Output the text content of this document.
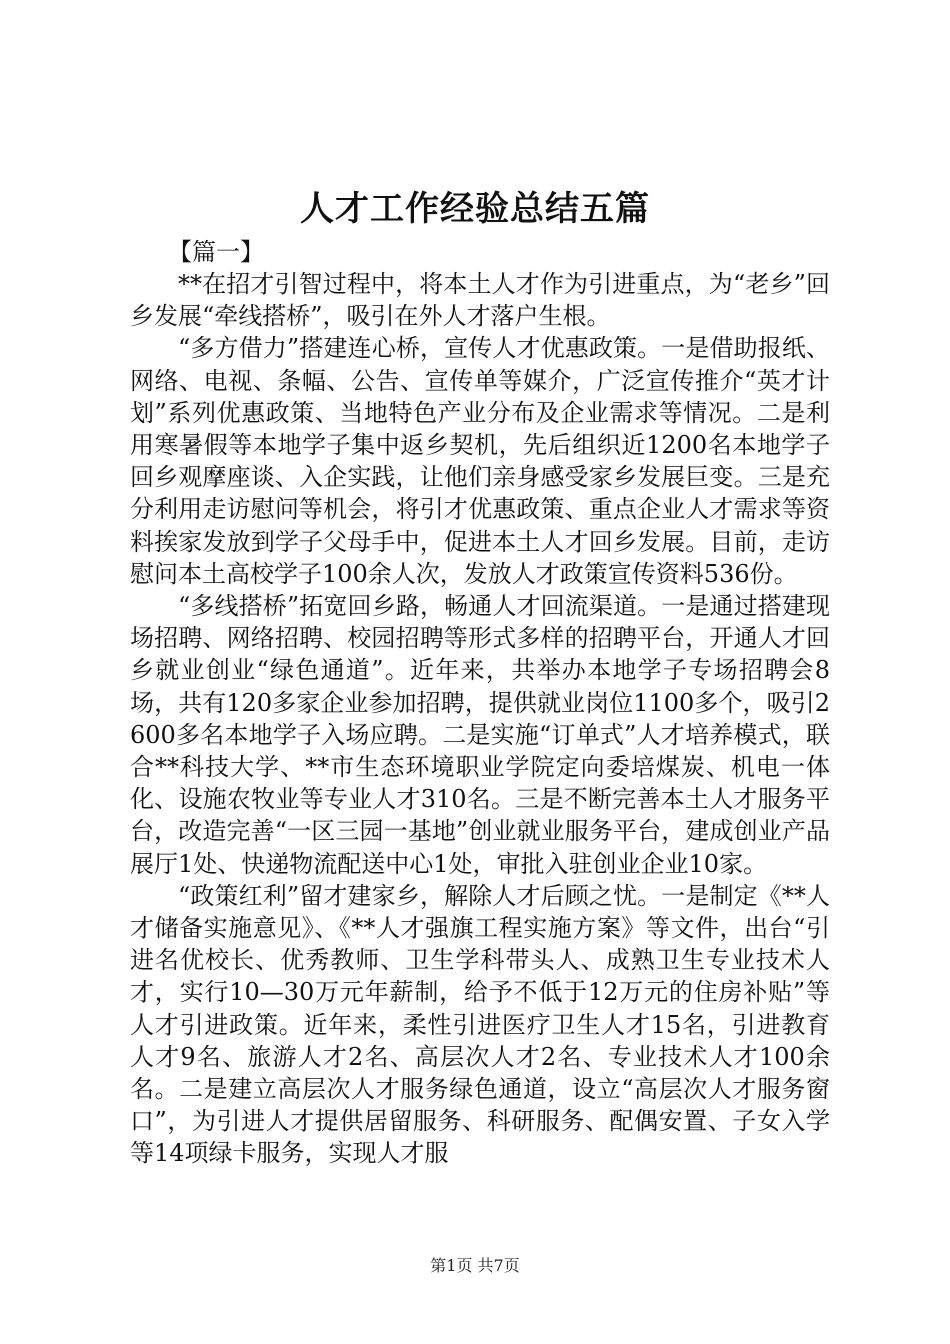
人才工作经验总结五篇
【篇一】

**在招才引智过程中，将本土人才作为引进重点，为“老乡”回乡发展“牵线搭桥”，吸引在外人才落户生根。

“多方借力”搭建连心桥，宣传人才优惠政策。一是借助报纸、网络、电视、条幅、公告、宣传单等媒介，广泛宣传推介“英才计划”系列优惠政策、当地特色产业分布及企业需求等情况。二是利用寒暑假等本地学子集中返乡契机，先后组织近1200名本地学子回乡观摩座谈、入企实践，让他们亲身感受家乡发展巨变。三是充分利用走访慰问等机会，将引才优惠政策、重点企业人才需求等资料挨家发放到学子父母手中，促进本土人才回乡发展。目前，走访慰问本土高校学子100余人次，发放人才政策宣传资料536份。

“多线搭桥”拓宽回乡路，畅通人才回流渠道。一是通过搭建现场招聘、网络招聘、校园招聘等形式多样的招聘平台，开通人才回乡就业创业“绿色通道”。近年来，共举办本地学子专场招聘会8场，共有120多家企业参加招聘，提供就业岗位1100多个，吸引2600多名本地学子入场应聘。二是实施“订单式”人才培养模式，联合**科技大学、**市生态环境职业学院定向委培煤炭、机电一体化、设施农牧业等专业人才310名。三是不断完善本土人才服务平台，改造完善“一区三园一基地”创业就业服务平台，建成创业产品展厅1处、快递物流配送中心1处，审批入驻创业企业10家。

“政策红利”留才建家乡，解除人才后顾之忧。一是制定《**人才储备实施意见》、《**人才强旗工程实施方案》等文件，出台“引进名优校长、优秀教师、卫生学科带头人、成熟卫生专业技术人才，实行10—30万元年薪制，给予不低于12万元的住房补贴”等人才引进政策。近年来，柔性引进医疗卫生人才15名，引进教育人才9名、旅游人才2名、高层次人才2名、专业技术人才100余名。二是建立高层次人才服务绿色通道，设立“高层次人才服务窗口”，为引进人才提供居留服务、科研服务、配偶安置、子女入学等14项绿卡服务，实现人才服

第1页 共7页
